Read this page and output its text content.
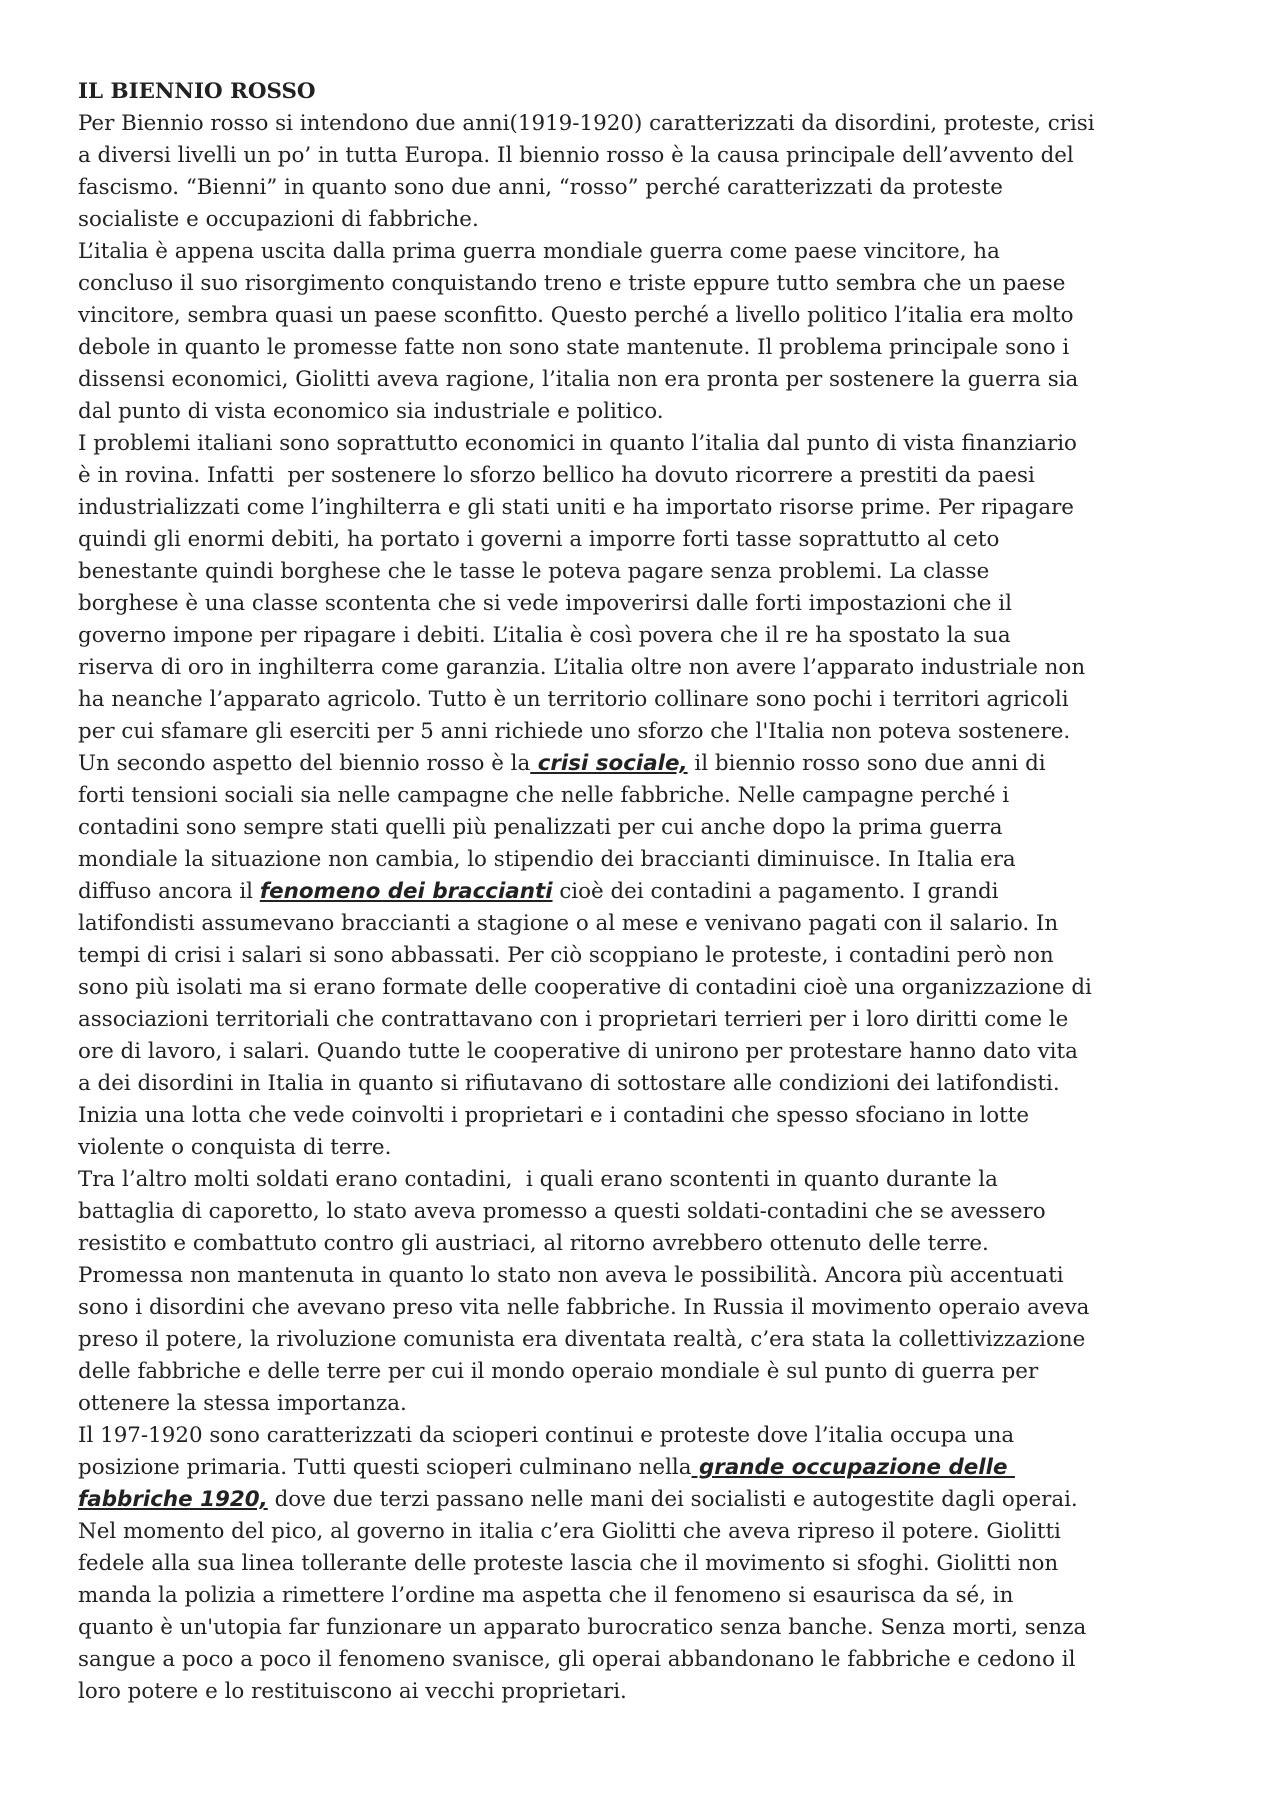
IL BIENNIO ROSSO
Per Biennio rosso si intendono due anni(1919-1920) caratterizzati da disordini, proteste, crisi
a diversi livelli un po’ in tutta Europa. Il biennio rosso è la causa principale dell’avvento del
fascismo. “Bienni” in quanto sono due anni, “rosso” perché caratterizzati da proteste
socialiste e occupazioni di fabbriche.
L’italia è appena uscita dalla prima guerra mondiale guerra come paese vincitore, ha
concluso il suo risorgimento conquistando treno e triste eppure tutto sembra che un paese
vincitore, sembra quasi un paese sconfitto. Questo perché a livello politico l’italia era molto
debole in quanto le promesse fatte non sono state mantenute. Il problema principale sono i
dissensi economici, Giolitti aveva ragione, l’italia non era pronta per sostenere la guerra sia
dal punto di vista economico sia industriale e politico.
I problemi italiani sono soprattutto economici in quanto l’italia dal punto di vista finanziario
è in rovina. Infatti  per sostenere lo sforzo bellico ha dovuto ricorrere a prestiti da paesi
industrializzati come l’inghilterra e gli stati uniti e ha importato risorse prime. Per ripagare
quindi gli enormi debiti, ha portato i governi a imporre forti tasse soprattutto al ceto
benestante quindi borghese che le tasse le poteva pagare senza problemi. La classe
borghese è una classe scontenta che si vede impoverirsi dalle forti impostazioni che il
governo impone per ripagare i debiti. L’italia è così povera che il re ha spostato la sua
riserva di oro in inghilterra come garanzia. L’italia oltre non avere l’apparato industriale non
ha neanche l’apparato agricolo. Tutto è un territorio collinare sono pochi i territori agricoli
per cui sfamare gli eserciti per 5 anni richiede uno sforzo che l'Italia non poteva sostenere.
Un secondo aspetto del biennio rosso è la crisi sociale, il biennio rosso sono due anni di
forti tensioni sociali sia nelle campagne che nelle fabbriche. Nelle campagne perché i
contadini sono sempre stati quelli più penalizzati per cui anche dopo la prima guerra
mondiale la situazione non cambia, lo stipendio dei braccianti diminuisce. In Italia era
diffuso ancora il fenomeno dei braccianti cioè dei contadini a pagamento. I grandi
latifondisti assumevano braccianti a stagione o al mese e venivano pagati con il salario. In
tempi di crisi i salari si sono abbassati. Per ciò scoppiano le proteste, i contadini però non
sono più isolati ma si erano formate delle cooperative di contadini cioè una organizzazione di
associazioni territoriali che contrattavano con i proprietari terrieri per i loro diritti come le
ore di lavoro, i salari. Quando tutte le cooperative di unirono per protestare hanno dato vita
a dei disordini in Italia in quanto si rifiutavano di sottostare alle condizioni dei latifondisti.
Inizia una lotta che vede coinvolti i proprietari e i contadini che spesso sfociano in lotte
violente o conquista di terre.
Tra l’altro molti soldati erano contadini,  i quali erano scontenti in quanto durante la
battaglia di caporetto, lo stato aveva promesso a questi soldati-contadini che se avessero
resistito e combattuto contro gli austriaci, al ritorno avrebbero ottenuto delle terre.
Promessa non mantenuta in quanto lo stato non aveva le possibilità. Ancora più accentuati
sono i disordini che avevano preso vita nelle fabbriche. In Russia il movimento operaio aveva
preso il potere, la rivoluzione comunista era diventata realtà, c’era stata la collettivizzazione
delle fabbriche e delle terre per cui il mondo operaio mondiale è sul punto di guerra per
ottenere la stessa importanza.
Il 197-1920 sono caratterizzati da scioperi continui e proteste dove l’italia occupa una
posizione primaria. Tutti questi scioperi culminano nella grande occupazione delle
fabbriche 1920, dove due terzi passano nelle mani dei socialisti e autogestite dagli operai.
Nel momento del pico, al governo in italia c’era Giolitti che aveva ripreso il potere. Giolitti
fedele alla sua linea tollerante delle proteste lascia che il movimento si sfoghi. Giolitti non
manda la polizia a rimettere l’ordine ma aspetta che il fenomeno si esaurisca da sé, in
quanto è un'utopia far funzionare un apparato burocratico senza banche. Senza morti, senza
sangue a poco a poco il fenomeno svanisce, gli operai abbandonano le fabbriche e cedono il
loro potere e lo restituiscono ai vecchi proprietari.
